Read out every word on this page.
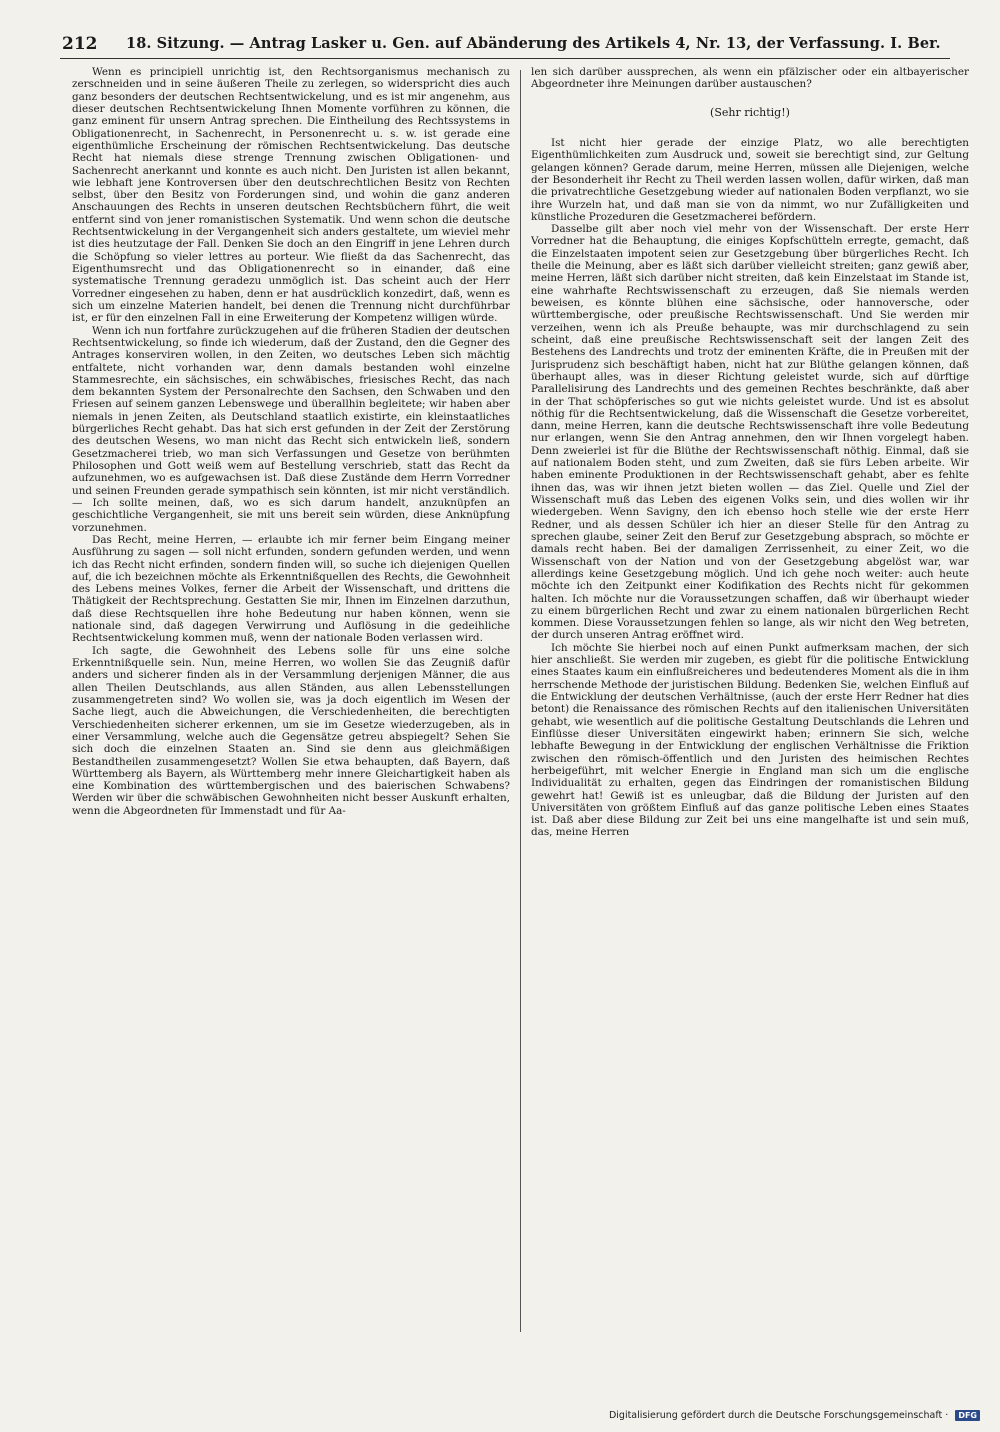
212 18. Sitzung. — Antrag Lasker u. Gen. auf Abänderung des Artikels 4, Nr. 13, der Verfassung. I. Ber.

Wenn es principiell unrichtig ist, den Rechtsorganismus mechanisch zu zerschneiden und in seine äußeren Theile zu zerlegen, so widerspricht dies auch ganz besonders der deutschen Rechtsentwickelung, und es ist mir angenehm, aus dieser deutschen Rechtsentwickelung Ihnen Momente vorführen zu können, die ganz eminent für unsern Antrag sprechen. Die Eintheilung des Rechtssystems in Obligationenrecht, in Sachenrecht, in Personenrecht u. s. w. ist gerade eine eigenthümliche Erscheinung der römischen Rechtsentwickelung. Das deutsche Recht hat niemals diese strenge Trennung zwischen Obligationen- und Sachenrecht anerkannt und konnte es auch nicht. Den Juristen ist allen bekannt, wie lebhaft jene Kontroversen über den deutschrechtlichen Besitz von Rechten selbst, über den Besitz von Forderungen sind, und wohin die ganz anderen Anschauungen des Rechts in unseren deutschen Rechtsbüchern führt, die weit entfernt sind von jener romanistischen Systematik. Und wenn schon die deutsche Rechtsentwickelung in der Vergangenheit sich anders gestaltete, um wieviel mehr ist dies heutzutage der Fall. Denken Sie doch an den Eingriff in jene Lehren durch die Schöpfung so vieler lettres au porteur. Wie fließt da das Sachenrecht, das Eigenthumsrecht und das Obligationenrecht so in einander, daß eine systematische Trennung geradezu unmöglich ist. Das scheint auch der Herr Vorredner eingesehen zu haben, denn er hat ausdrücklich konzedirt, daß, wenn es sich um einzelne Materien handelt, bei denen die Trennung nicht durchführbar ist, er für den einzelnen Fall in eine Erweiterung der Kompetenz willigen würde.

Wenn ich nun fortfahre zurückzugehen auf die früheren Stadien der deutschen Rechtsentwickelung, so finde ich wiederum, daß der Zustand, den die Gegner des Antrages konserviren wollen, in den Zeiten, wo deutsches Leben sich mächtig entfaltete, nicht vorhanden war, denn damals bestanden wohl einzelne Stammesrechte, ein sächsisches, ein schwäbisches, friesisches Recht, das nach dem bekannten System der Personalrechte den Sachsen, den Schwaben und den Friesen auf seinem ganzen Lebenswege und überallhin begleitete; wir haben aber niemals in jenen Zeiten, als Deutschland staatlich existirte, ein kleinstaatliches bürgerliches Recht gehabt. Das hat sich erst gefunden in der Zeit der Zerstörung des deutschen Wesens, wo man nicht das Recht sich entwickeln ließ, sondern Gesetzmacherei trieb, wo man sich Verfassungen und Gesetze von berühmten Philosophen und Gott weiß wem auf Bestellung verschrieb, statt das Recht da aufzunehmen, wo es aufgewachsen ist. Daß diese Zustände dem Herrn Vorredner und seinen Freunden gerade sympathisch sein könnten, ist mir nicht verständlich. — Ich sollte meinen, daß, wo es sich darum handelt, anzuknüpfen an geschichtliche Vergangenheit, sie mit uns bereit sein würden, diese Anknüpfung vorzunehmen.

Das Recht, meine Herren, — erlaubte ich mir ferner beim Eingang meiner Ausführung zu sagen — soll nicht erfunden, sondern gefunden werden, und wenn ich das Recht nicht erfinden, sondern finden will, so suche ich diejenigen Quellen auf, die ich bezeichnen möchte als Erkenntnißquellen des Rechts, die Gewohnheit des Lebens meines Volkes, ferner die Arbeit der Wissenschaft, und drittens die Thätigkeit der Rechtsprechung. Gestatten Sie mir, Ihnen im Einzelnen darzuthun, daß diese Rechtsquellen ihre hohe Bedeutung nur haben können, wenn sie nationale sind, daß dagegen Verwirrung und Auflösung in die gedeihliche Rechtsentwickelung kommen muß, wenn der nationale Boden verlassen wird.

Ich sagte, die Gewohnheit des Lebens solle für uns eine solche Erkenntnißquelle sein. Nun, meine Herren, wo wollen Sie das Zeugniß dafür anders und sicherer finden als in der Versammlung derjenigen Männer, die aus allen Theilen Deutschlands, aus allen Ständen, aus allen Lebensstellungen zusammengetreten sind? Wo wollen sie, was ja doch eigentlich im Wesen der Sache liegt, auch die Abweichungen, die Verschiedenheiten, die berechtigten Verschiedenheiten sicherer erkennen, um sie im Gesetze wiederzugeben, als in einer Versammlung, welche auch die Gegensätze getreu abspiegelt? Sehen Sie sich doch die einzelnen Staaten an. Sind sie denn aus gleichmäßigen Bestandtheilen zusammengesetzt? Wollen Sie etwa behaupten, daß Bayern, daß Württemberg als Bayern, als Württemberg mehr innere Gleichartigkeit haben als eine Kombination des württembergischen und des baierischen Schwabens? Werden wir über die schwäbischen Gewohnheiten nicht besser Auskunft erhalten, wenn die Abgeordneten für Immenstadt und für Aa-

len sich darüber aussprechen, als wenn ein pfälzischer oder ein altbayerischer Abgeordneter ihre Meinungen darüber austauschen?

(Sehr richtig!)

Ist nicht hier gerade der einzige Platz, wo alle berechtigten Eigenthümlichkeiten zum Ausdruck und, soweit sie berechtigt sind, zur Geltung gelangen können? Gerade darum, meine Herren, müssen alle Diejenigen, welche der Besonderheit ihr Recht zu Theil werden lassen wollen, dafür wirken, daß man die privatrechtliche Gesetzgebung wieder auf nationalen Boden verpflanzt, wo sie ihre Wurzeln hat, und daß man sie von da nimmt, wo nur Zufälligkeiten und künstliche Prozeduren die Gesetzmacherei befördern.

Dasselbe gilt aber noch viel mehr von der Wissenschaft. Der erste Herr Vorredner hat die Behauptung, die einiges Kopfschütteln erregte, gemacht, daß die Einzelstaaten impotent seien zur Gesetzgebung über bürgerliches Recht. Ich theile die Meinung, aber es läßt sich darüber vielleicht streiten; ganz gewiß aber, meine Herren, läßt sich darüber nicht streiten, daß kein Einzelstaat im Stande ist, eine wahrhafte Rechtswissenschaft zu erzeugen, daß Sie niemals werden beweisen, es könnte blühen eine sächsische, oder hannoversche, oder württembergische, oder preußische Rechtswissenschaft. Und Sie werden mir verzeihen, wenn ich als Preuße behaupte, was mir durchschlagend zu sein scheint, daß eine preußische Rechtswissenschaft seit der langen Zeit des Bestehens des Landrechts und trotz der eminenten Kräfte, die in Preußen mit der Jurisprudenz sich beschäftigt haben, nicht hat zur Blüthe gelangen können, daß überhaupt alles, was in dieser Richtung geleistet wurde, sich auf dürftige Parallelisirung des Landrechts und des gemeinen Rechtes beschränkte, daß aber in der That schöpferisches so gut wie nichts geleistet wurde. Und ist es absolut nöthig für die Rechtsentwickelung, daß die Wissenschaft die Gesetze vorbereitet, dann, meine Herren, kann die deutsche Rechtswissenschaft ihre volle Bedeutung nur erlangen, wenn Sie den Antrag annehmen, den wir Ihnen vorgelegt haben. Denn zweierlei ist für die Blüthe der Rechtswissenschaft nöthig. Einmal, daß sie auf nationalem Boden steht, und zum Zweiten, daß sie fürs Leben arbeite. Wir haben eminente Produktionen in der Rechtswissenschaft gehabt, aber es fehlte ihnen das, was wir ihnen jetzt bieten wollen — das Ziel. Quelle und Ziel der Wissenschaft muß das Leben des eigenen Volks sein, und dies wollen wir ihr wiedergeben. Wenn Savigny, den ich ebenso hoch stelle wie der erste Herr Redner, und als dessen Schüler ich hier an dieser Stelle für den Antrag zu sprechen glaube, seiner Zeit den Beruf zur Gesetzgebung absprach, so möchte er damals recht haben. Bei der damaligen Zerrissenheit, zu einer Zeit, wo die Wissenschaft von der Nation und von der Gesetzgebung abgelöst war, war allerdings keine Gesetzgebung möglich. Und ich gehe noch weiter: auch heute möchte ich den Zeitpunkt einer Kodifikation des Rechts nicht für gekommen halten. Ich möchte nur die Voraussetzungen schaffen, daß wir überhaupt wieder zu einem bürgerlichen Recht und zwar zu einem nationalen bürgerlichen Recht kommen. Diese Voraussetzungen fehlen so lange, als wir nicht den Weg betreten, der durch unseren Antrag eröffnet wird.

Ich möchte Sie hierbei noch auf einen Punkt aufmerksam machen, der sich hier anschließt. Sie werden mir zugeben, es giebt für die politische Entwicklung eines Staates kaum ein einflußreicheres und bedeutenderes Moment als die in ihm herrschende Methode der juristischen Bildung. Bedenken Sie, welchen Einfluß auf die Entwicklung der deutschen Verhältnisse, (auch der erste Herr Redner hat dies betont) die Renaissance des römischen Rechts auf den italienischen Universitäten gehabt, wie wesentlich auf die politische Gestaltung Deutschlands die Lehren und Einflüsse dieser Universitäten eingewirkt haben; erinnern Sie sich, welche lebhafte Bewegung in der Entwicklung der englischen Verhältnisse die Friktion zwischen den römisch-öffentlich und den Juristen des heimischen Rechtes herbeigeführt, mit welcher Energie in England man sich um die englische Individualität zu erhalten, gegen das Eindringen der romanistischen Bildung gewehrt hat! Gewiß ist es unleugbar, daß die Bildung der Juristen auf den Universitäten von größtem Einfluß auf das ganze politische Leben eines Staates ist. Daß aber diese Bildung zur Zeit bei uns eine mangelhafte ist und sein muß, das, meine Herren

Digitalisierung gefördert durch die Deutsche Forschungsgemeinschaft · DFG
